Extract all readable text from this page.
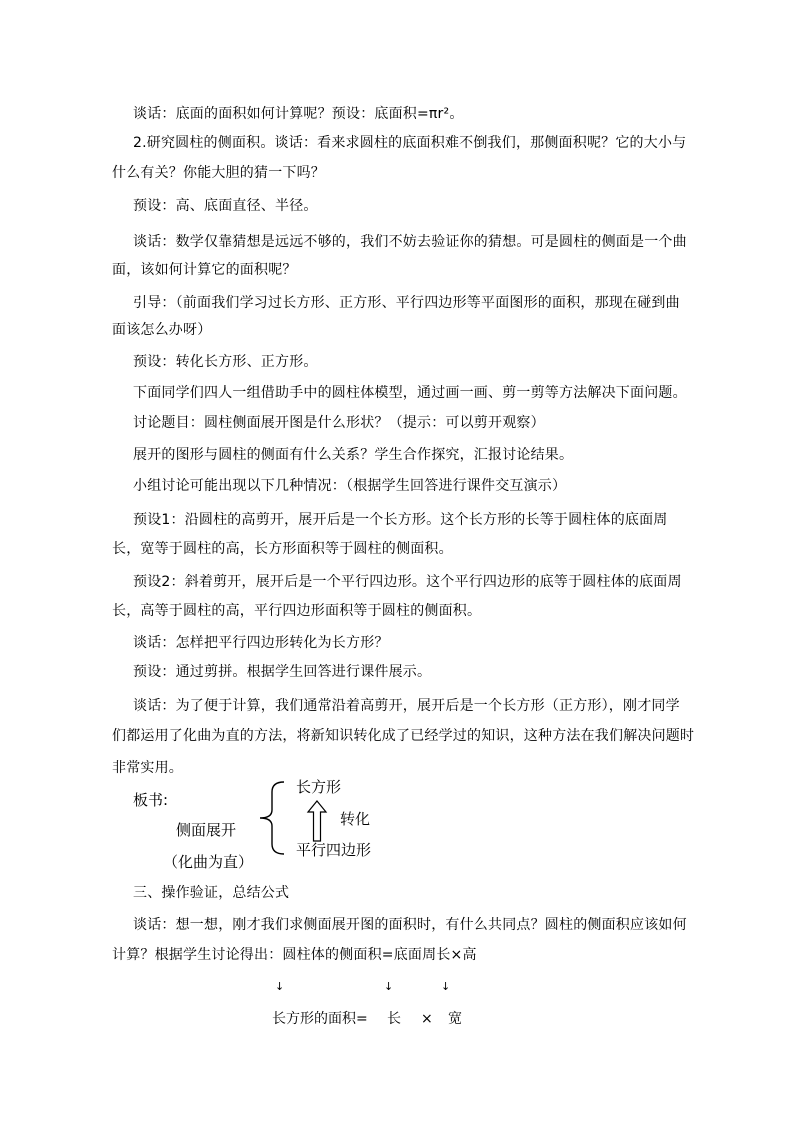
谈话：底面的面积如何计算呢？预设：底面积=πr²。
2.研究圆柱的侧面积。谈话：看来求圆柱的底面积难不倒我们，那侧面积呢？它的大小与
什么有关？你能大胆的猜一下吗？
预设：高、底面直径、半径。
谈话：数学仅靠猜想是远远不够的，我们不妨去验证你的猜想。可是圆柱的侧面是一个曲
面，该如何计算它的面积呢？
引导：（前面我们学习过长方形、正方形、平行四边形等平面图形的面积，那现在碰到曲
面该怎么办呀）
预设：转化长方形、正方形。
下面同学们四人一组借助手中的圆柱体模型，通过画一画、剪一剪等方法解决下面问题。
讨论题目：圆柱侧面展开图是什么形状？（提示：可以剪开观察）
展开的图形与圆柱的侧面有什么关系？学生合作探究，汇报讨论结果。
小组讨论可能出现以下几种情况：（根据学生回答进行课件交互演示）
预设1：沿圆柱的高剪开，展开后是一个长方形。这个长方形的长等于圆柱体的底面周
长，宽等于圆柱的高，长方形面积等于圆柱的侧面积。
预设2：斜着剪开，展开后是一个平行四边形。这个平行四边形的底等于圆柱体的底面周
长，高等于圆柱的高，平行四边形面积等于圆柱的侧面积。
谈话：怎样把平行四边形转化为长方形？
预设：通过剪拼。根据学生回答进行课件展示。
谈话：为了便于计算，我们通常沿着高剪开，展开后是一个长方形（正方形），刚才同学
们都运用了化曲为直的方法，将新知识转化成了已经学过的知识，这种方法在我们解决问题时
非常实用。
板书:
侧面展开
（化曲为直）
长方形
转化
平行四边形
三、操作验证，总结公式
谈话：想一想，刚才我们求侧面展开图的面积时，有什么共同点？圆柱的侧面积应该如何
计算？根据学生讨论得出：圆柱体的侧面积=底面周长×高
↓	↓	↓
长方形的面积= 长 × 宽
